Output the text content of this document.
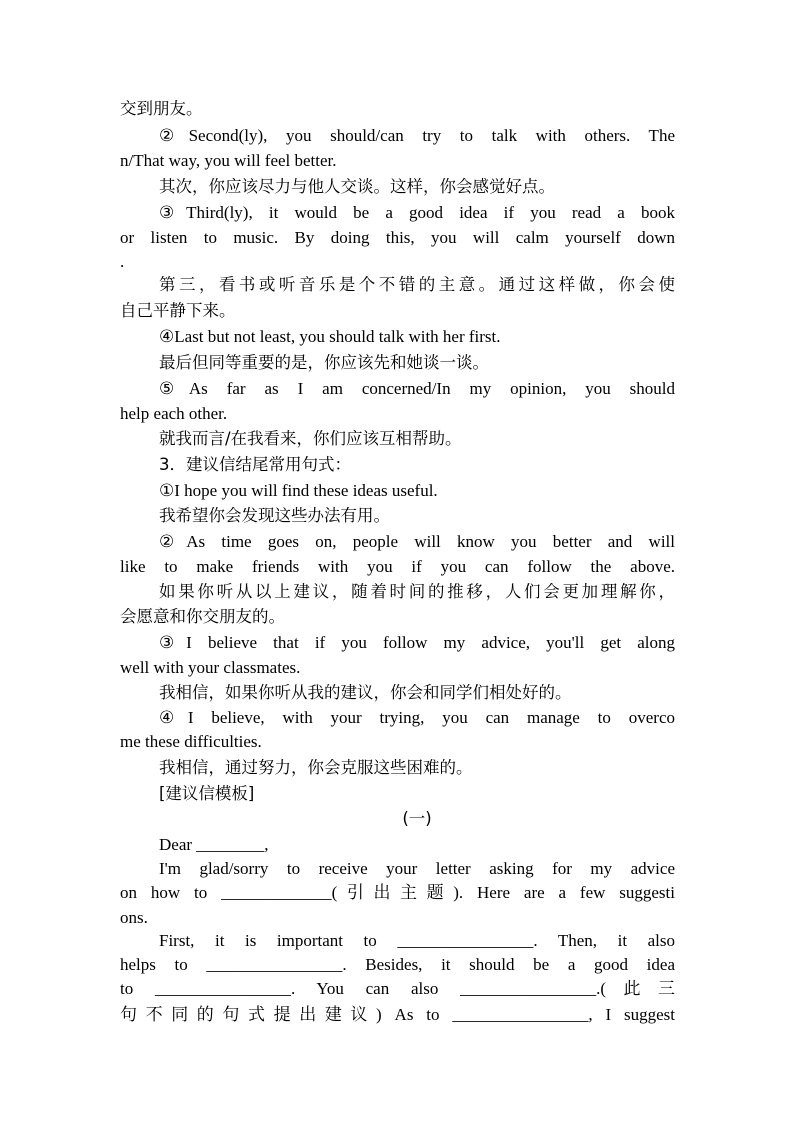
交到朋友。
②Second(ly), you should/can try to talk with others. The
n/That way, you will feel better.
其次，你应该尽力与他人交谈。这样，你会感觉好点。
③Third(ly), it would be a good idea if you read a book
or listen to music. By doing this, you will calm yourself down
.
第三，看书或听音乐是个不错的主意。通过这样做，你会使
自己平静下来。
④Last but not least, you should talk with her first.
最后但同等重要的是，你应该先和她谈一谈。
⑤As far as I am concerned/In my opinion, you should
help each other.
就我而言/在我看来，你们应该互相帮助。
3．建议信结尾常用句式：
①I hope you will find these ideas useful.
我希望你会发现这些办法有用。
②As time goes on, people will know you better and will
like to make friends with you if you can follow the above.
如果你听从以上建议，随着时间的推移，人们会更加理解你，
会愿意和你交朋友的。
③I believe that if you follow my advice, you'll get along
well with your classmates.
我相信，如果你听从我的建议，你会和同学们相处好的。
④I believe, with your trying, you can manage to overco
me these difficulties.
我相信，通过努力，你会克服这些困难的。
[建议信模板]
(一)
Dear ________,
I'm glad/sorry to receive your letter asking for my advice
on how to _____________(引出主题). Here are a few suggesti
ons.
First, it is important to ________________. Then, it also
helps to ________________. Besides, it should be a good idea
to ________________. You can also ________________.(此三
句不同的句式提出建议) As to ________________, I suggest
